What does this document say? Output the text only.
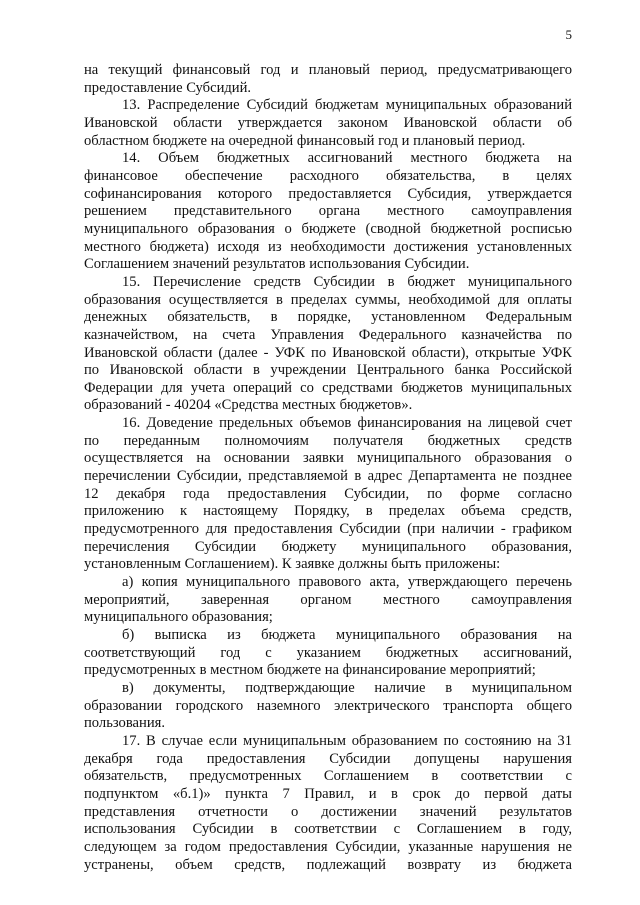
5
на текущий финансовый год и плановый период, предусматривающего
предоставление Субсидий.
13. Распределение Субсидий бюджетам муниципальных образований
Ивановской области утверждается законом Ивановской области об
областном бюджете на очередной финансовый год и плановый период.
14. Объем бюджетных ассигнований местного бюджета на
финансовое обеспечение расходного обязательства, в целях
софинансирования которого предоставляется Субсидия, утверждается
решением представительного органа местного самоуправления
муниципального образования о бюджете (сводной бюджетной росписью
местного бюджета) исходя из необходимости достижения установленных
Соглашением значений результатов использования Субсидии.
15. Перечисление средств Субсидии в бюджет муниципального
образования осуществляется в пределах суммы, необходимой для оплаты
денежных обязательств, в порядке, установленном Федеральным
казначейством, на счета Управления Федерального казначейства по
Ивановской области (далее - УФК по Ивановской области), открытые УФК
по Ивановской области в учреждении Центрального банка Российской
Федерации для учета операций со средствами бюджетов муниципальных
образований - 40204 «Средства местных бюджетов».
16. Доведение предельных объемов финансирования на лицевой счет
по переданным полномочиям получателя бюджетных средств
осуществляется на основании заявки муниципального образования о
перечислении Субсидии, представляемой в адрес Департамента не позднее
12 декабря года предоставления Субсидии, по форме согласно
приложению к настоящему Порядку, в пределах объема средств,
предусмотренного для предоставления Субсидии (при наличии - графиком
перечисления Субсидии бюджету муниципального образования,
установленным Соглашением). К заявке должны быть приложены:
а) копия муниципального правового акта, утверждающего перечень
мероприятий, заверенная органом местного самоуправления
муниципального образования;
б) выписка из бюджета муниципального образования на
соответствующий год с указанием бюджетных ассигнований,
предусмотренных в местном бюджете на финансирование мероприятий;
в) документы, подтверждающие наличие в муниципальном
образовании городского наземного электрического транспорта общего
пользования.
17. В случае если муниципальным образованием по состоянию на 31
декабря года предоставления Субсидии допущены нарушения
обязательств, предусмотренных Соглашением в соответствии с
подпунктом «б.1)» пункта 7 Правил, и в срок до первой даты
представления отчетности о достижении значений результатов
использования Субсидии в соответствии с Соглашением в году,
следующем за годом предоставления Субсидии, указанные нарушения не
устранены, объем средств, подлежащий возврату из бюджета
